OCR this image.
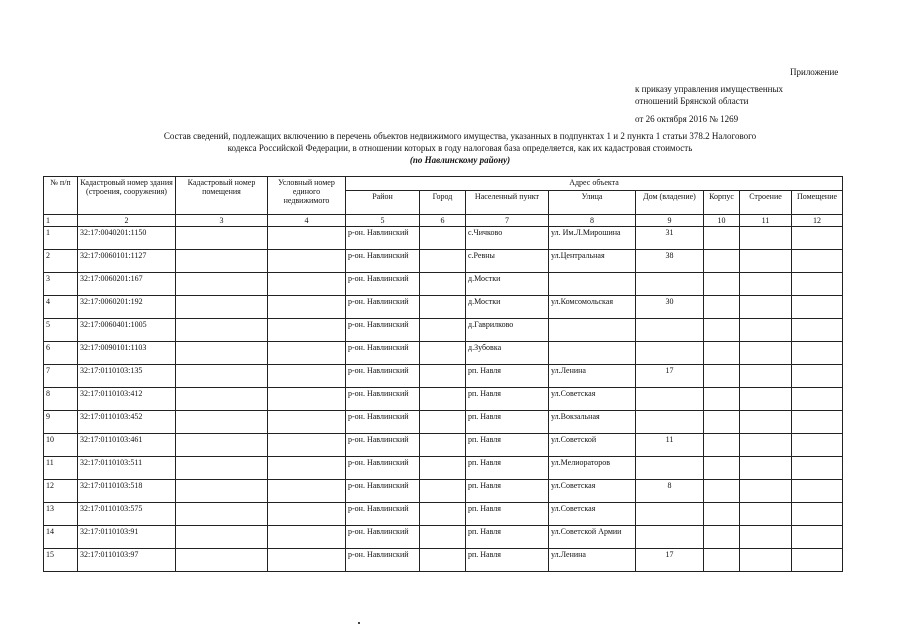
Приложение
к приказу управления имущественных
отношений Брянской области
от 26 октября 2016 № 1269
Состав сведений, подлежащих включению в перечень объектов недвижимого имущества, указанных в подпунктах 1 и 2 пункта 1 статьи 378.2 Налогового
кодекса Российской Федерации, в отношении которых в году налоговая база определяется, как их кадастровая стоимость
(по Навлинскому району)
№ п/п	Кадастровый номер здания (строения, сооружения)	Кадастровый номер помещения	Условный номер единого недвижимого	Адрес объекта							
				Район	Город	Населенный пункт	Улица	Дом (владение)	Корпус	Строение	Помещение
1	2	3	4	5	6	7	8	9	10	11	12
1	32:17:0040201:1150			р-он. Навлинский		с.Чичково	ул. Им.Л.Мирошина	31			
2	32:17:0060101:1127			р-он. Навлинский		с.Ревны	ул.Центральная	38			
3	32:17:0060201:167			р-он. Навлинский		д.Мостки					
4	32:17:0060201:192			р-он. Навлинский		д.Мостки	ул.Комсомольская	30			
5	32:17:0060401:1005			р-он. Навлинский		д.Гаврилково					
6	32:17:0090101:1103			р-он. Навлинский		д.Зубовка					
7	32:17:0110103:135			р-он. Навлинский		рп. Навля	ул.Ленина	17			
8	32:17:0110103:412			р-он. Навлинский		рп. Навля	ул.Советская				
9	32:17:0110103:452			р-он. Навлинский		рп. Навля	ул.Вокзальная				
10	32:17:0110103:461			р-он. Навлинский		рп. Навля	ул.Советской	11			
11	32:17:0110103:511			р-он. Навлинский		рп. Навля	ул.Мелиораторов				
12	32:17:0110103:518			р-он. Навлинский		рп. Навля	ул.Советская	8			
13	32:17:0110103:575			р-он. Навлинский		рп. Навля	ул.Советская				
14	32:17:0110103:91			р-он. Навлинский		рп. Навля	ул.Советской Армии				
15	32:17:0110103:97			р-он. Навлинский		рп. Навля	ул.Ленина	17			
